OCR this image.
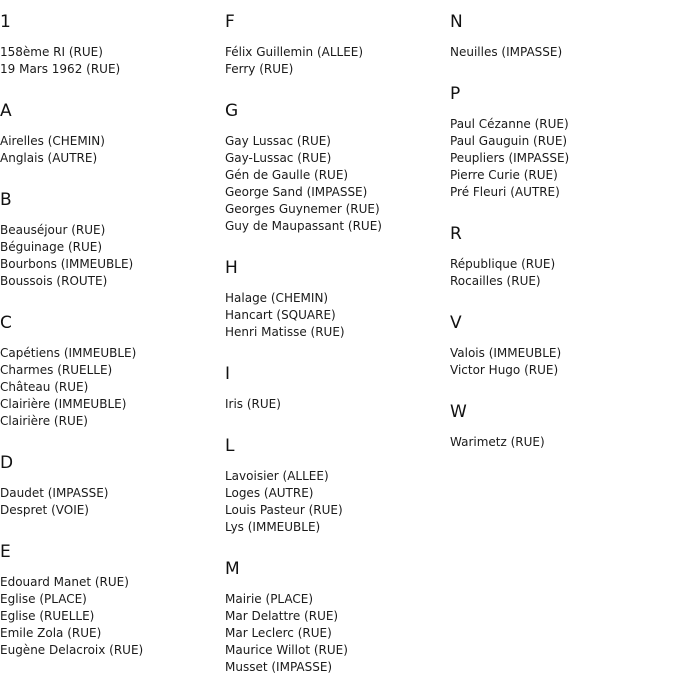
1
158ème RI (RUE)
19 Mars 1962 (RUE)
A
Airelles (CHEMIN)
Anglais (AUTRE)
B
Beauséjour (RUE)
Béguinage (RUE)
Bourbons (IMMEUBLE)
Boussois (ROUTE)
C
Capétiens (IMMEUBLE)
Charmes (RUELLE)
Château (RUE)
Clairière (IMMEUBLE)
Clairière (RUE)
D
Daudet (IMPASSE)
Despret (VOIE)
E
Edouard Manet (RUE)
Eglise (PLACE)
Eglise (RUELLE)
Emile Zola (RUE)
Eugène Delacroix (RUE)
F
Félix Guillemin (ALLEE)
Ferry (RUE)
G
Gay Lussac (RUE)
Gay-Lussac (RUE)
Gén de Gaulle (RUE)
George Sand (IMPASSE)
Georges Guynemer (RUE)
Guy de Maupassant (RUE)
H
Halage (CHEMIN)
Hancart (SQUARE)
Henri Matisse (RUE)
I
Iris (RUE)
L
Lavoisier (ALLEE)
Loges (AUTRE)
Louis Pasteur (RUE)
Lys (IMMEUBLE)
M
Mairie (PLACE)
Mar Delattre (RUE)
Mar Leclerc (RUE)
Maurice Willot (RUE)
Musset (IMPASSE)
N
Neuilles (IMPASSE)
P
Paul Cézanne (RUE)
Paul Gauguin (RUE)
Peupliers (IMPASSE)
Pierre Curie (RUE)
Pré Fleuri (AUTRE)
R
République (RUE)
Rocailles (RUE)
V
Valois (IMMEUBLE)
Victor Hugo (RUE)
W
Warimetz (RUE)
